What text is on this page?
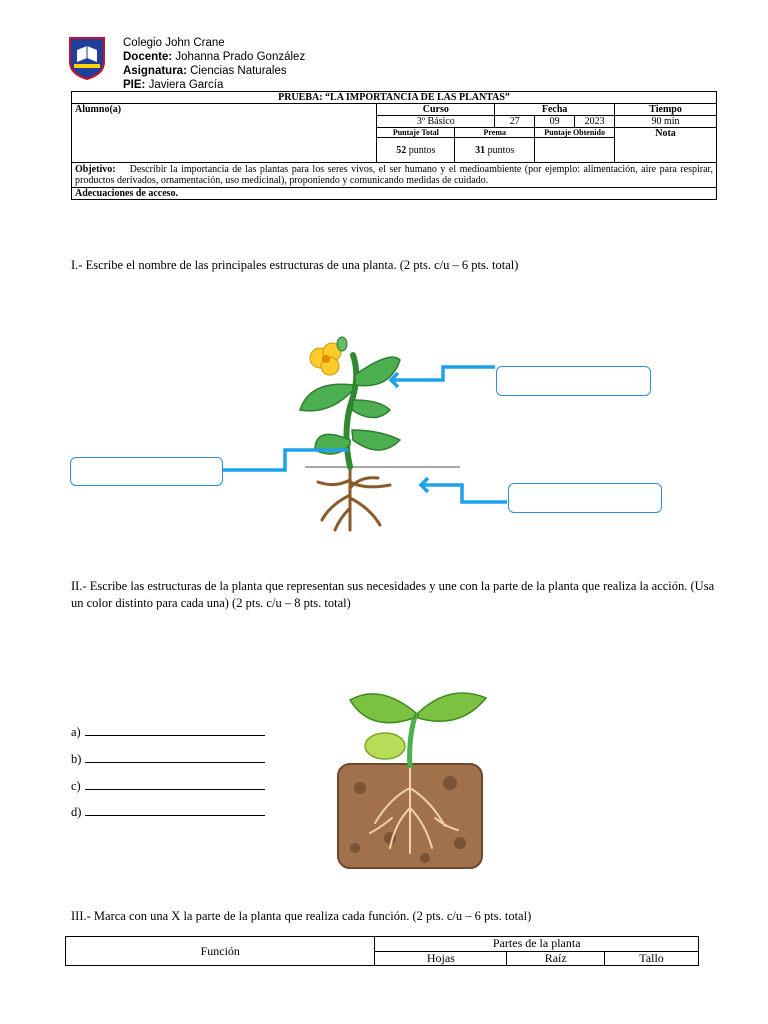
Colegio John Crane
Docente: Johanna Prado González
Asignatura: Ciencias Naturales
PIE: Javiera García
PRUEBA: “LA IMPORTANCIA DE LAS PLANTAS”						
Alumno(a)	Curso		Fecha			Tiempo
	3º Básico		27	09	2023	90 min
	Puntaje Total	Prema		Puntaje Obtenido		Nota
	52 puntos	31 puntos				
Objetivo: Describir la importancia de las plantas para los seres vivos, el ser humano y el medioambiente (por ejemplo: alimentación, aire para respirar, productos derivados, ornamentación, uso medicinal), proponiendo y comunicando medidas de cuidado.						
Adecuaciones de acceso.						
I.- Escribe el nombre de las principales estructuras de una planta. (2 pts. c/u – 6 pts. total)
II.- Escribe las estructuras de la planta que representan sus necesidades y une con la parte de la planta que realiza la acción. (Usa un color distinto para cada una) (2 pts. c/u – 8 pts. total)
a)
b)
c)
d)
III.- Marca con una X la parte de la planta que realiza cada función. (2 pts. c/u – 6 pts. total)
Función	Partes de la planta		
	Hojas	Raíz	Tallo
